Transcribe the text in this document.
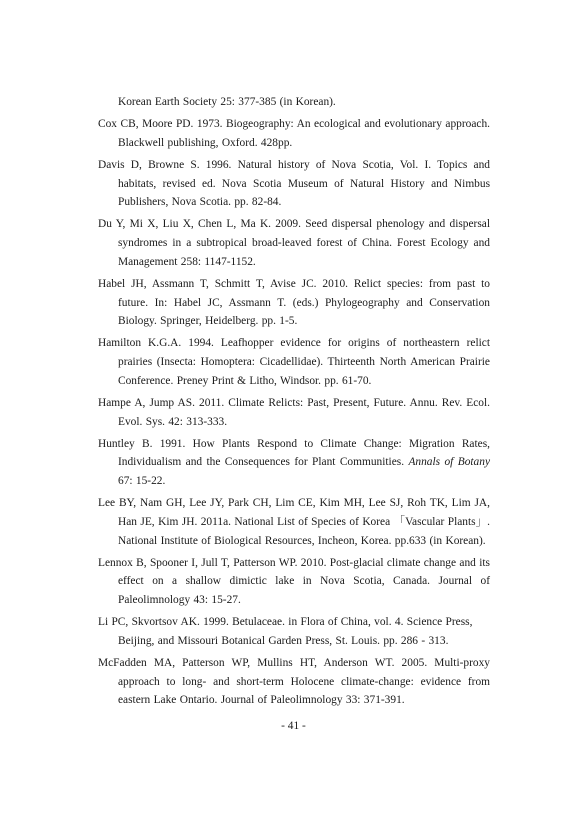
Korean Earth Society 25: 377-385 (in Korean).
Cox CB, Moore PD. 1973. Biogeography: An ecological and evolutionary approach. Blackwell publishing, Oxford. 428pp.
Davis D, Browne S. 1996. Natural history of Nova Scotia, Vol. I. Topics and habitats, revised ed. Nova Scotia Museum of Natural History and Nimbus Publishers, Nova Scotia. pp. 82-84.
Du Y, Mi X, Liu X, Chen L, Ma K. 2009. Seed dispersal phenology and dispersal syndromes in a subtropical broad-leaved forest of China. Forest Ecology and Management 258: 1147-1152.
Habel JH, Assmann T, Schmitt T, Avise JC. 2010. Relict species: from past to future. In: Habel JC, Assmann T. (eds.) Phylogeography and Conservation Biology. Springer, Heidelberg. pp. 1-5.
Hamilton K.G.A. 1994. Leafhopper evidence for origins of northeastern relict prairies (Insecta: Homoptera: Cicadellidae). Thirteenth North American Prairie Conference. Preney Print & Litho, Windsor. pp. 61-70.
Hampe A, Jump AS. 2011. Climate Relicts: Past, Present, Future. Annu. Rev. Ecol. Evol. Sys. 42: 313-333.
Huntley B. 1991. How Plants Respond to Climate Change: Migration Rates, Individualism and the Consequences for Plant Communities. Annals of Botany 67: 15-22.
Lee BY, Nam GH, Lee JY, Park CH, Lim CE, Kim MH, Lee SJ, Roh TK, Lim JA, Han JE, Kim JH. 2011a. National List of Species of Korea 「Vascular Plants」. National Institute of Biological Resources, Incheon, Korea. pp.633 (in Korean).
Lennox B, Spooner I, Jull T, Patterson WP. 2010. Post-glacial climate change and its effect on a shallow dimictic lake in Nova Scotia, Canada. Journal of Paleolimnology 43: 15-27.
Li PC, Skvortsov AK. 1999. Betulaceae. in Flora of China, vol. 4. Science Press, Beijing, and Missouri Botanical Garden Press, St. Louis. pp. 286 - 313.
McFadden MA, Patterson WP, Mullins HT, Anderson WT. 2005. Multi-proxy approach to long- and short-term Holocene climate-change: evidence from eastern Lake Ontario. Journal of Paleolimnology 33: 371-391.
- 41 -
